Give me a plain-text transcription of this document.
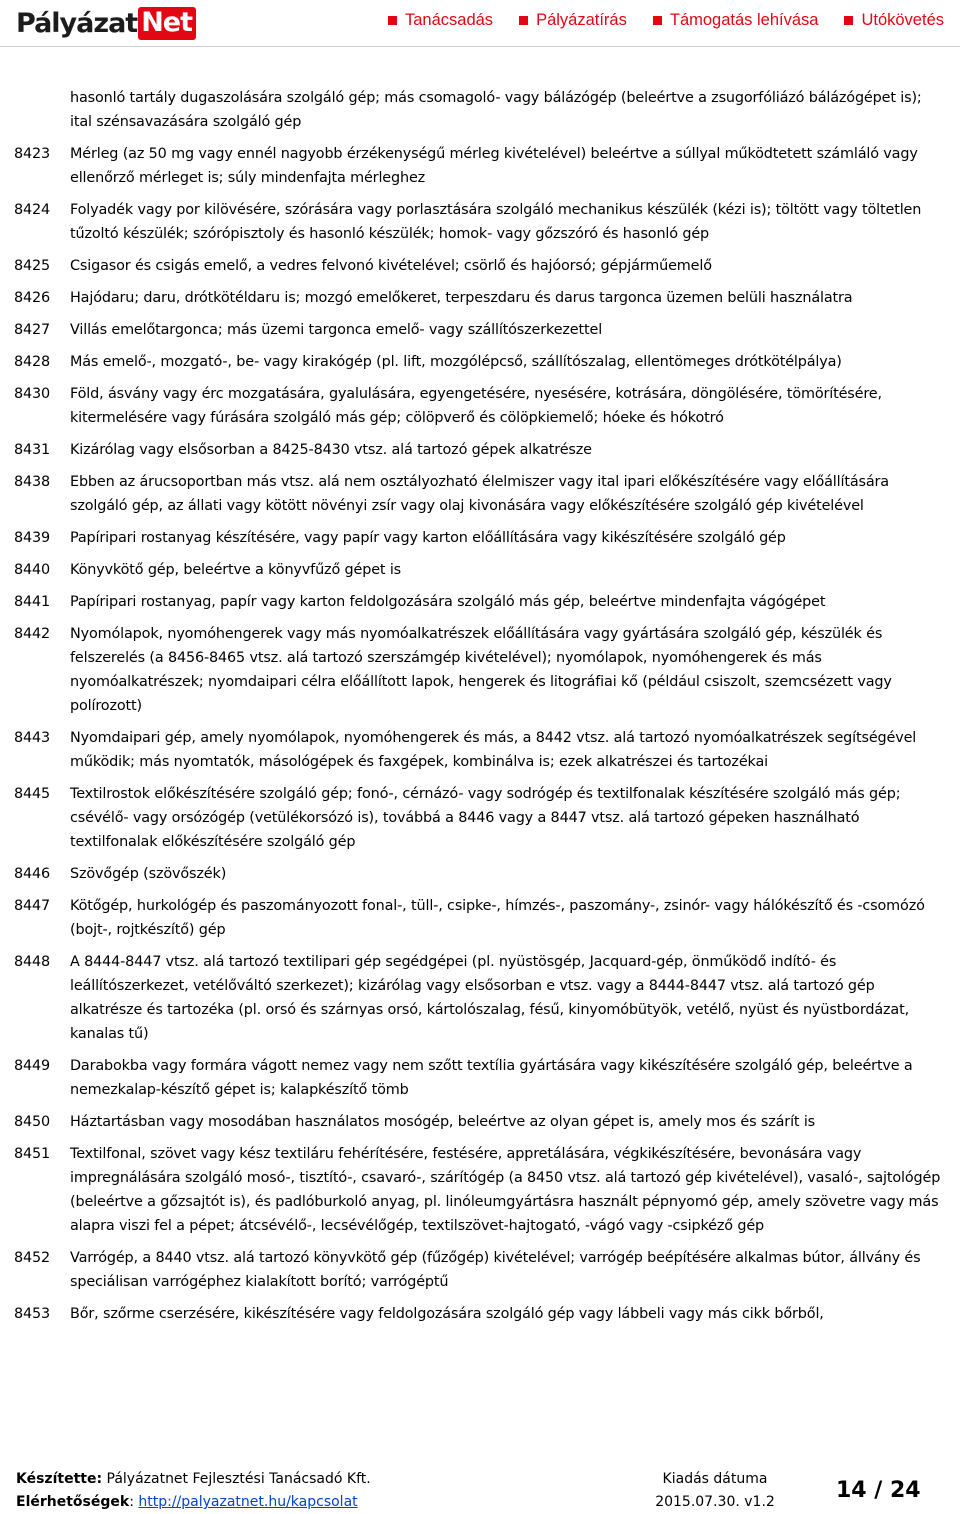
Pályázat Net	Tanácsadás	Pályázatírás	Támogatás lehívása	Utókövetés
hasonló tartály dugaszolására szolgáló gép; más csomagoló- vagy bálázógép (beleértve a zsugorfóliázó bálázógépet is); ital szénsavazására szolgáló gép
8423	Mérleg (az 50 mg vagy ennél nagyobb érzékenységű mérleg kivételével) beleértve a súllyal működtetett számláló vagy ellenőrző mérleget is; súly mindenfajta mérleghez
8424	Folyadék vagy por kilövésére, szórására vagy porlasztására szolgáló mechanikus készülék (kézi is); töltött vagy töltetlen tűzoltó készülék; szórópisztoly és hasonló készülék; homok- vagy gőzszóró és hasonló gép
8425	Csigasor és csigás emelő, a vedres felvonó kivételével; csörlő és hajóorsó; gépjárműemelő
8426	Hajódaru; daru, drótkötéldaru is; mozgó emelőkeret, terpeszdaru és darus targonca üzemen belüli használatra
8427	Villás emelőtargonca; más üzemi targonca emelő- vagy szállítószerkezettel
8428	Más emelő-, mozgató-, be- vagy kirakógép (pl. lift, mozgólépcső, szállítószalag, ellentömeges drótkötélpálya)
8430	Föld, ásvány vagy érc mozgatására, gyalulására, egyengetésére, nyesésére, kotrására, döngölésére, tömörítésére, kitermelésére vagy fúrására szolgáló más gép; cölöpverő és cölöpkiemelő; hóeke és hókotró
8431	Kizárólag vagy elsősorban a 8425-8430 vtsz. alá tartozó gépek alkatrésze
8438	Ebben az árucsoportban más vtsz. alá nem osztályozható élelmiszer vagy ital ipari előkészítésére vagy előállítására szolgáló gép, az állati vagy kötött növényi zsír vagy olaj kivonására vagy előkészítésére szolgáló gép kivételével
8439	Papíripari rostanyag készítésére, vagy papír vagy karton előállítására vagy kikészítésére szolgáló gép
8440	Könyvkötő gép, beleértve a könyvfűző gépet is
8441	Papíripari rostanyag, papír vagy karton feldolgozására szolgáló más gép, beleértve mindenfajta vágógépet
8442	Nyomólapok, nyomóhengerek vagy más nyomóalkatrészek előállítására vagy gyártására szolgáló gép, készülék és felszerelés (a 8456-8465 vtsz. alá tartozó szerszámgép kivételével); nyomólapok, nyomóhengerek és más nyomóalkatrészek; nyomdaipari célra előállított lapok, hengerek és litográfiai kő (például csiszolt, szemcsézett vagy polírozott)
8443	Nyomdaipari gép, amely nyomólapok, nyomóhengerek és más, a 8442 vtsz. alá tartozó nyomóalkatrészek segítségével működik; más nyomtatók, másológépek és faxgépek, kombinálva is; ezek alkatrészei és tartozékai
8445	Textilrostok előkészítésére szolgáló gép; fonó-, cérnázó- vagy sodrógép és textilfonalak készítésére szolgáló más gép; csévélő- vagy orsózógép (vetülékorsózó is), továbbá a 8446 vagy a 8447 vtsz. alá tartozó gépeken használható textilfonalak előkészítésére szolgáló gép
8446	Szövőgép (szövőszék)
8447	Kötőgép, hurkológép és paszományozott fonal-, tüll-, csipke-, hímzés-, paszomány-, zsinór- vagy hálókészítő és -csomózó (bojt-, rojtkészítő) gép
8448	A 8444-8447 vtsz. alá tartozó textilipari gép segédgépei (pl. nyüstösgép, Jacquard-gép, önműködő indító- és leállítószerkezet, vetélőváltó szerkezet); kizárólag vagy elsősorban e vtsz. vagy a 8444-8447 vtsz. alá tartozó gép alkatrésze és tartozéka (pl. orsó és szárnyas orsó, kártolószalag, fésű, kinyomóbütyök, vetélő, nyüst és nyüstbordázat, kanalas tű)
8449	Darabokba vagy formára vágott nemez vagy nem szőtt textília gyártására vagy kikészítésére szolgáló gép, beleértve a nemezkalap-készítő gépet is; kalapkészítő tömb
8450	Háztartásban vagy mosodában használatos mosógép, beleértve az olyan gépet is, amely mos és szárít is
8451	Textilfonal, szövet vagy kész textiláru fehérítésére, festésére, appretálására, végkikészítésére, bevonására vagy impregnálására szolgáló mosó-, tisztító-, csavaró-, szárítógép (a 8450 vtsz. alá tartozó gép kivételével), vasaló-, sajtológép (beleértve a gőzsajtót is), és padlóburkoló anyag, pl. linóleumgyártásra használt pépnyomó gép, amely szövetre vagy más alapra viszi fel a pépet; átcsévélő-, lecsévélőgép, textilszövet-hajtogató, -vágó vagy -csipkéző gép
8452	Varrógép, a 8440 vtsz. alá tartozó könyvkötő gép (fűzőgép) kivételével; varrógép beépítésére alkalmas bútor, állvány és speciálisan varrógéphez kialakított borító; varrógéptű
8453	Bőr, szőrme cserzésére, kikészítésére vagy feldolgozására szolgáló gép vagy lábbeli vagy más cikk bőrből,
Készítette: Pályázatnet Fejlesztési Tanácsadó Kft.
Elérhetőségek: http://palyazatnet.hu/kapcsolat
Kiadás dátuma
2015.07.30. v1.2	14 / 24
